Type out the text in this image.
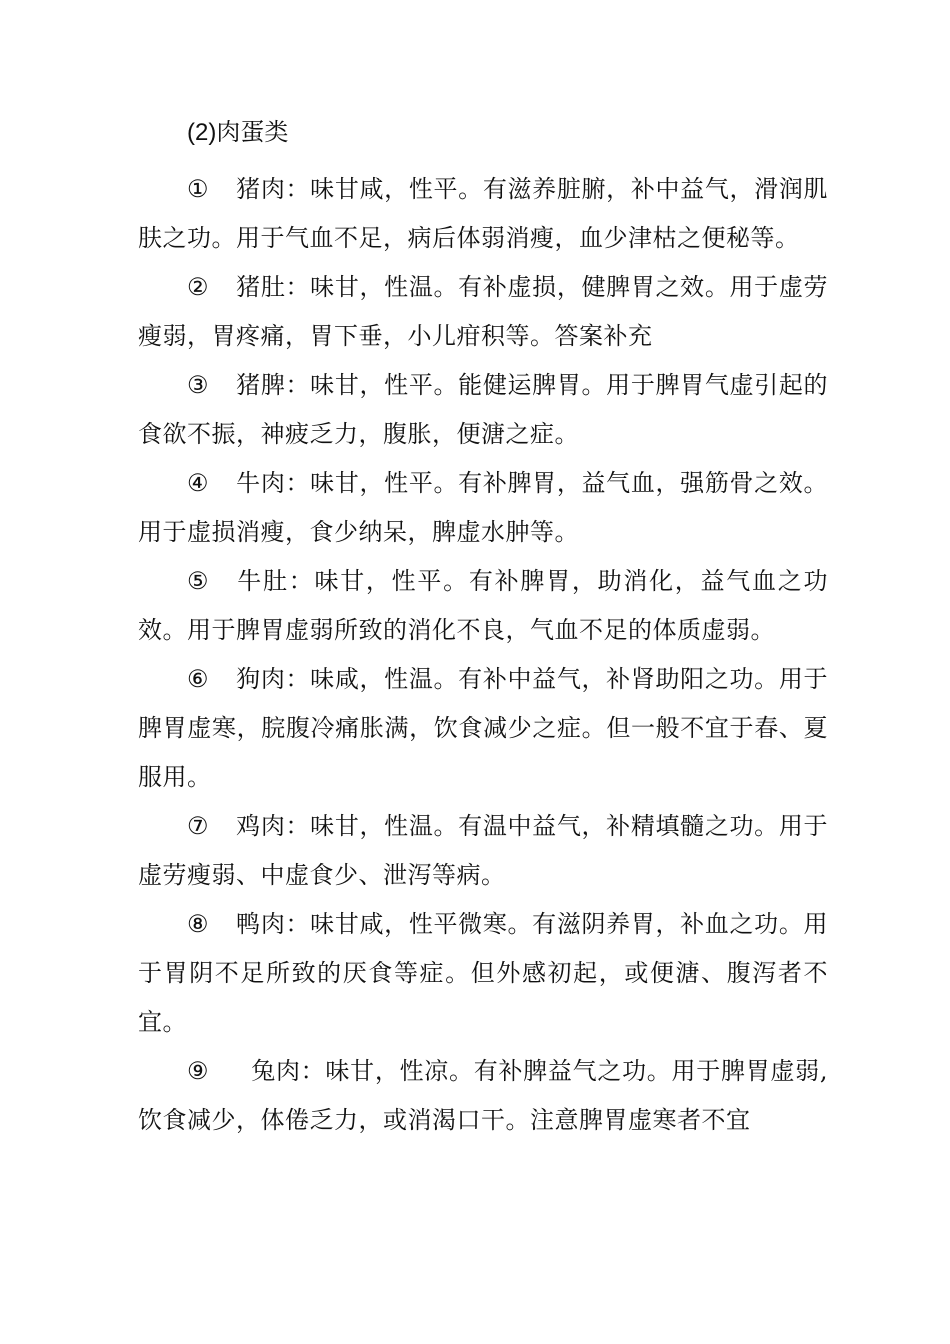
(2)肉蛋类

① 猪肉：味甘咸，性平。有滋养脏腑，补中益气，滑润肌肤之功。用于气血不足，病后体弱消瘦，血少津枯之便秘等。

② 猪肚：味甘，性温。有补虚损，健脾胃之效。用于虚劳瘦弱，胃疼痛，胃下垂，小儿疳积等。答案补充

③ 猪脾：味甘，性平。能健运脾胃。用于脾胃气虚引起的食欲不振，神疲乏力，腹胀，便溏之症。

④ 牛肉：味甘，性平。有补脾胃，益气血，强筋骨之效。用于虚损消瘦，食少纳呆，脾虚水肿等。

⑤ 牛肚：味甘，性平。有补脾胃，助消化，益气血之功效。用于脾胃虚弱所致的消化不良，气血不足的体质虚弱。

⑥ 狗肉：味咸，性温。有补中益气，补肾助阳之功。用于脾胃虚寒，脘腹冷痛胀满，饮食减少之症。但一般不宜于春、夏服用。

⑦ 鸡肉：味甘，性温。有温中益气，补精填髓之功。用于虚劳瘦弱、中虚食少、泄泻等病。

⑧ 鸭肉：味甘咸，性平微寒。有滋阴养胃，补血之功。用于胃阴不足所致的厌食等症。但外感初起，或便溏、腹泻者不宜。

⑨ 兔肉：味甘，性凉。有补脾益气之功。用于脾胃虚弱, 饮食减少，体倦乏力，或消渴口干。注意脾胃虚寒者不宜
